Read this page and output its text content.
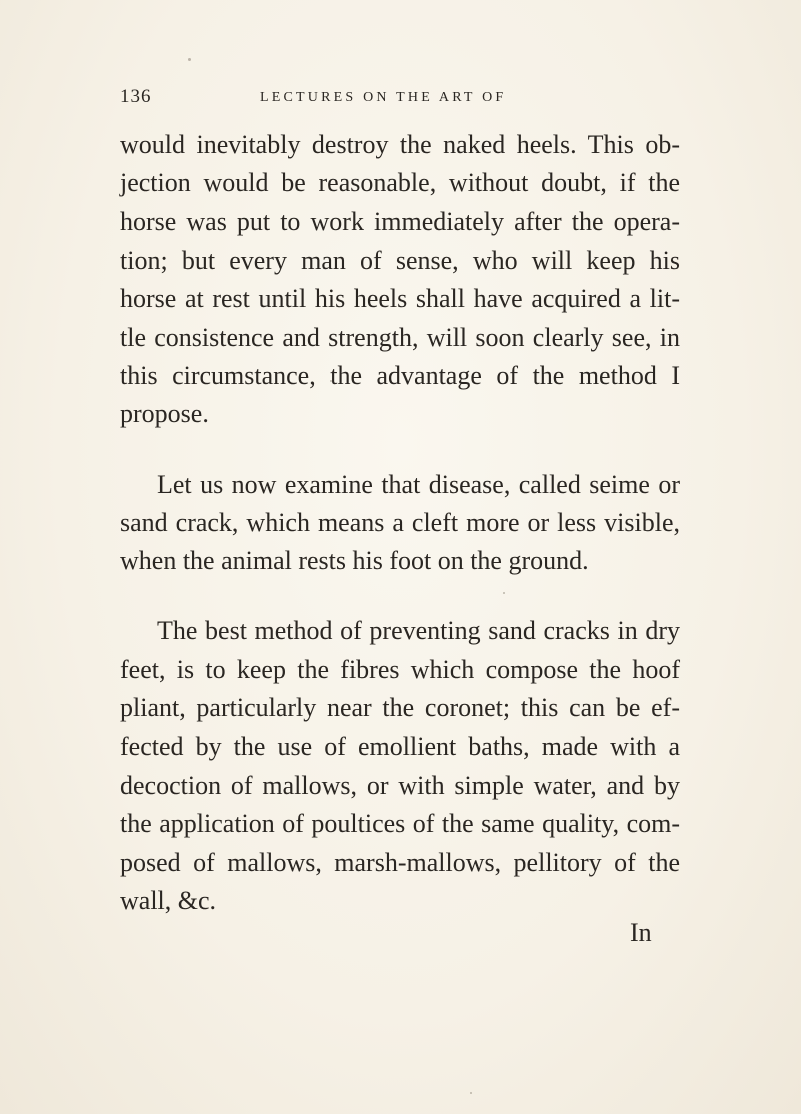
136	LECTURES ON THE ART OF
would inevitably destroy the naked heels. This ob-
jection would be reasonable, without doubt, if the
horse was put to work immediately after the opera-
tion; but every man of sense, who will keep his
horse at rest until his heels shall have acquired a lit-
tle consistence and strength, will soon clearly see, in
this circumstance, the advantage of the method I
propose.
Let us now examine that disease, called seime or
sand crack, which means a cleft more or less visible,
when the animal rests his foot on the ground.
The best method of preventing sand cracks in dry
feet, is to keep the fibres which compose the hoof
pliant, particularly near the coronet; this can be ef-
fected by the use of emollient baths, made with a
decoction of mallows, or with simple water, and by
the application of poultices of the same quality, com-
posed of mallows, marsh-mallows, pellitory of the
wall, &c.
In
